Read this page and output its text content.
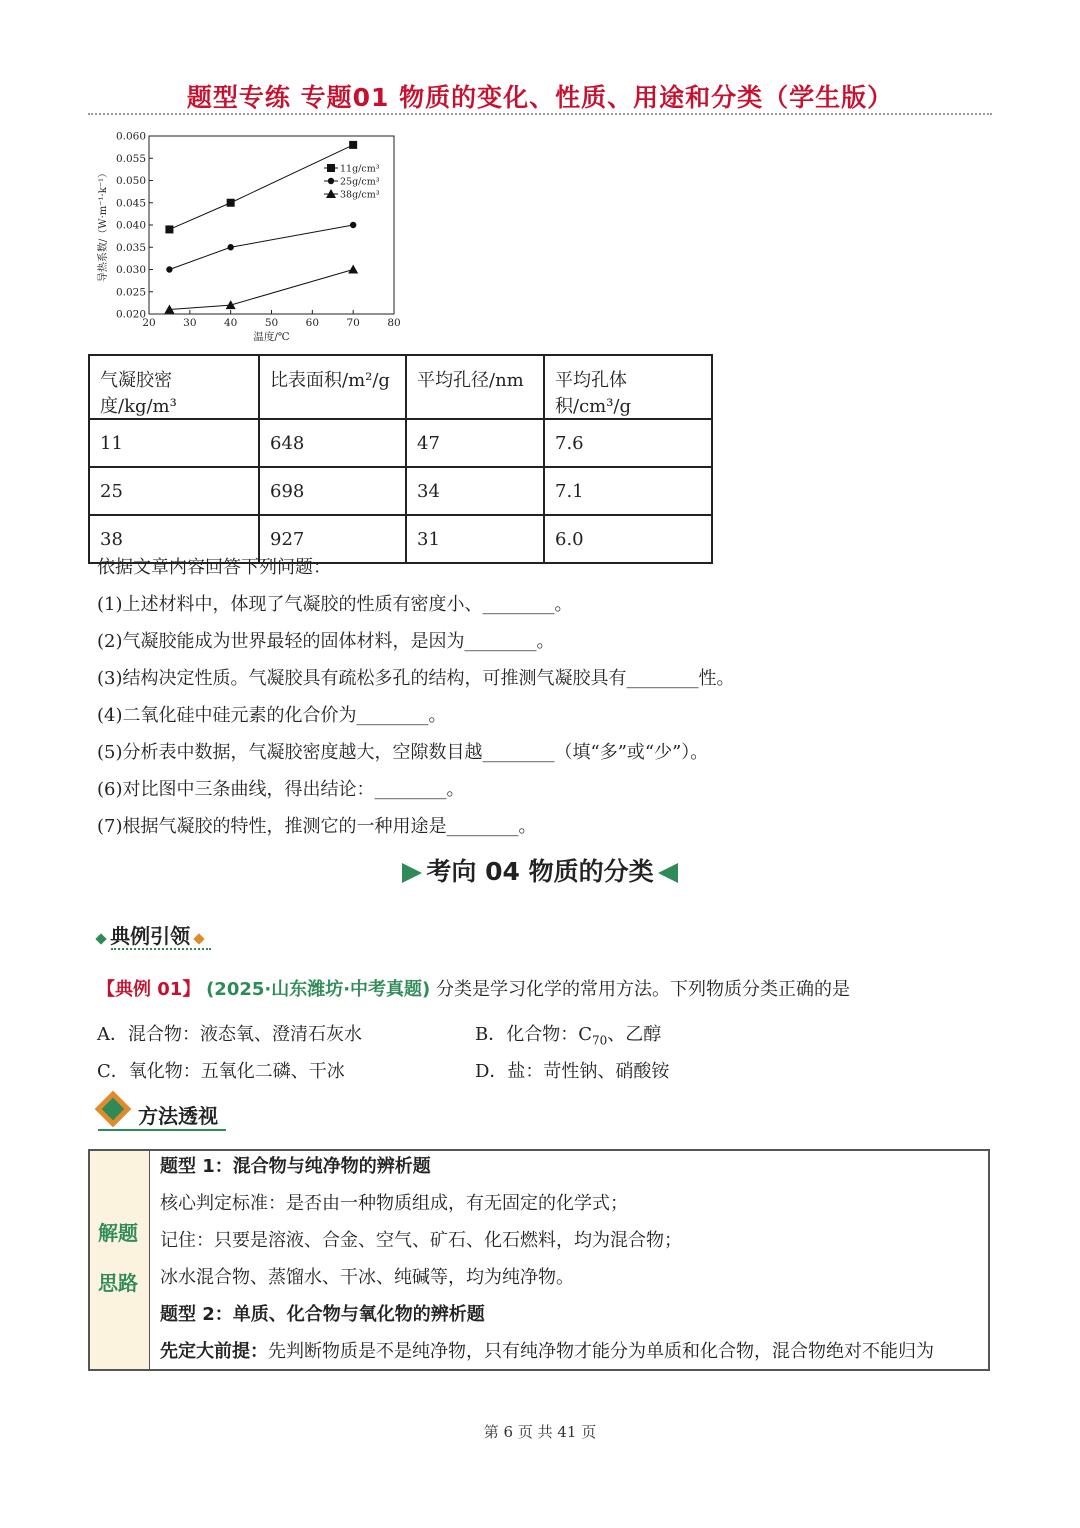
题型专练 专题01 物质的变化、性质、用途和分类（学生版）
0.020
0.025
0.030
0.035
0.040
0.045
0.050
0.055
0.060
20	30	40	50	60	70	80
温度/℃
导热系数/（W·m⁻¹·k⁻¹）	11g/cm³
25g/cm³
38g/cm³
气凝胶密度/kg/m³	比表面积/m²/g	平均孔径/nm	平均孔体积/cm³/g
11	648	47	7.6
25	698	34	7.1
38	927	31	6.0
依据文章内容回答下列问题：
(1)上述材料中，体现了气凝胶的性质有密度小、________。
(2)气凝胶能成为世界最轻的固体材料，是因为________。
(3)结构决定性质。气凝胶具有疏松多孔的结构，可推测气凝胶具有________性。
(4)二氧化硅中硅元素的化合价为________。
(5)分析表中数据，气凝胶密度越大，空隙数目越________（填“多”或“少”）。
(6)对比图中三条曲线，得出结论：________。
(7)根据气凝胶的特性，推测它的一种用途是________。
考向 04 物质的分类
典例引领
【典例 01】 (2025·山东潍坊·中考真题) 分类是学习化学的常用方法。下列物质分类正确的是
A．混合物：液态氧、澄清石灰水	B．化合物：$C_{70}$、乙醇
C．氧化物：五氧化二磷、干冰	D．盐：苛性钠、硝酸铵
方法透视
解题
思路
题型 1：混合物与纯净物的辨析题
核心判定标准：是否由一种物质组成，有无固定的化学式；
记住：只要是溶液、合金、空气、矿石、化石燃料，均为混合物；
冰水混合物、蒸馏水、干冰、纯碱等，均为纯净物。
题型 2：单质、化合物与氧化物的辨析题
先定大前提：先判断物质是不是纯净物，只有纯净物才能分为单质和化合物，混合物绝对不能归为
第 6 页 共 41 页
